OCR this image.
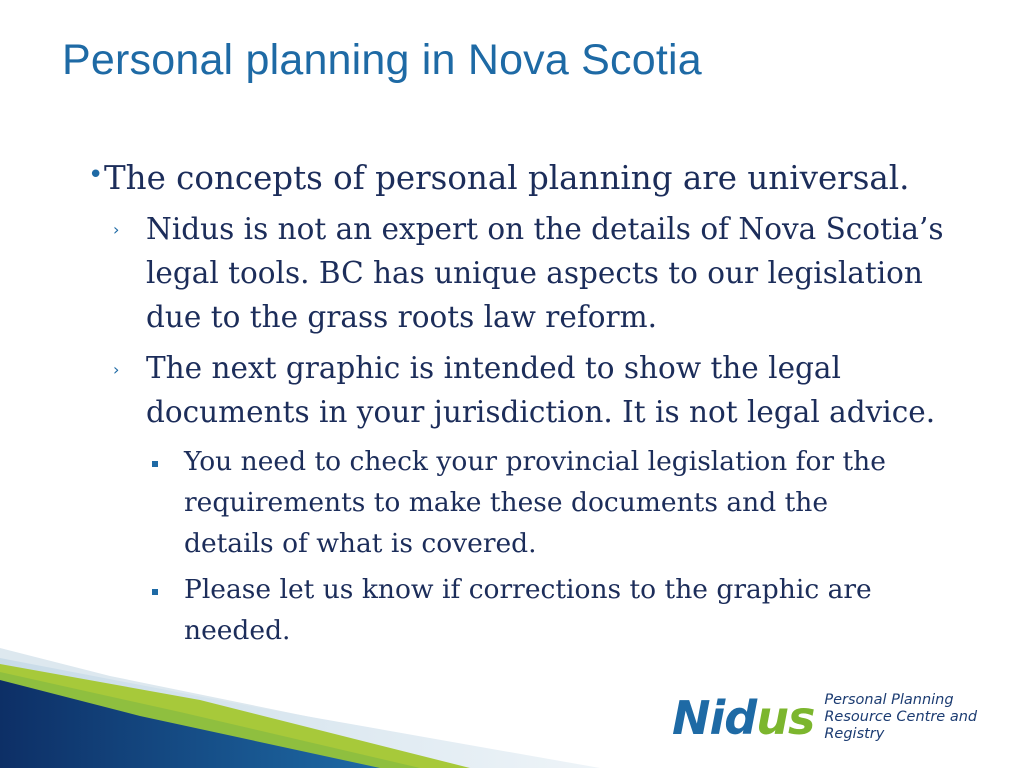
Personal planning in Nova Scotia
• The concepts of personal planning are universal.
› Nidus is not an expert on the details of Nova Scotia’s
legal tools. BC has unique aspects to our legislation
due to the grass roots law reform.
› The next graphic is intended to show the legal
documents in your jurisdiction. It is not legal advice.
You need to check your provincial legislation for the
requirements to make these documents and the
details of what is covered.
Please let us know if corrections to the graphic are
needed.
Nidus Personal Planning
Resource Centre and Registry
